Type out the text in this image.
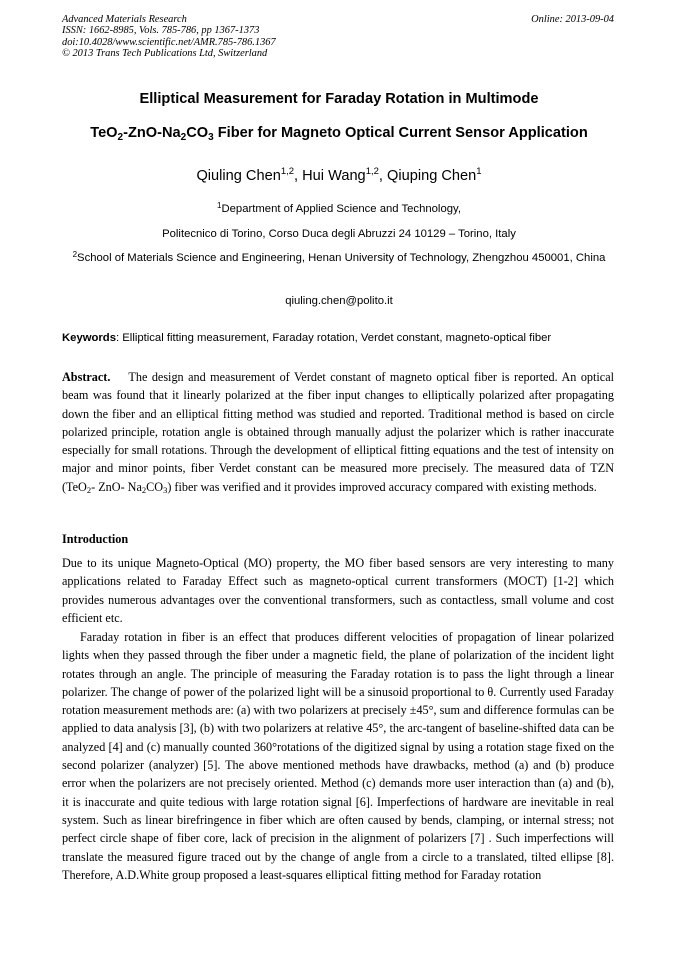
Advanced Materials Research
ISSN: 1662-8985, Vols. 785-786, pp 1367-1373
doi:10.4028/www.scientific.net/AMR.785-786.1367
© 2013 Trans Tech Publications Ltd, Switzerland
Online: 2013-09-04
Elliptical Measurement for Faraday Rotation in Multimode
$TeO_2-ZnO-Na_2CO_3$ Fiber for Magneto Optical Current Sensor Application
Qiuling Chen$^{1,2}$, Hui Wang$^{1,2}$, Qiuping Chen$^1$
$^1$Department of Applied Science and Technology,
Politecnico di Torino, Corso Duca degli Abruzzi 24 10129 – Torino, Italy
$^2$School of Materials Science and Engineering, Henan University of Technology, Zhengzhou 450001, China
qiuling.chen@polito.it
Keywords: Elliptical fitting measurement, Faraday rotation, Verdet constant, magneto-optical fiber
Abstract. The design and measurement of Verdet constant of magneto optical fiber is reported. An optical beam was found that it linearly polarized at the fiber input changes to elliptically polarized after propagating down the fiber and an elliptical fitting method was studied and reported. Traditional method is based on circle polarized principle, rotation angle is obtained through manually adjust the polarizer which is rather inaccurate especially for small rotations. Through the development of elliptical fitting equations and the test of intensity on major and minor points, fiber Verdet constant can be measured more precisely. The measured data of TZN (TeO$_2$- ZnO- $Na_2CO_3$) fiber was verified and it provides improved accuracy compared with existing methods.
Introduction
Due to its unique Magneto-Optical (MO) property, the MO fiber based sensors are very interesting to many applications related to Faraday Effect such as magneto-optical current transformers (MOCT) [1-2] which provides numerous advantages over the conventional transformers, such as contactless, small volume and cost efficient etc.
Faraday rotation in fiber is an effect that produces different velocities of propagation of linear polarized lights when they passed through the fiber under a magnetic field, the plane of polarization of the incident light rotates through an angle. The principle of measuring the Faraday rotation is to pass the light through a linear polarizer. The change of power of the polarized light will be a sinusoid proportional to θ. Currently used Faraday rotation measurement methods are: (a) with two polarizers at precisely ±45°, sum and difference formulas can be applied to data analysis [3], (b) with two polarizers at relative 45°, the arc-tangent of baseline-shifted data can be analyzed [4] and (c) manually counted 360°rotations of the digitized signal by using a rotation stage fixed on the second polarizer (analyzer) [5]. The above mentioned methods have drawbacks, method (a) and (b) produce error when the polarizers are not precisely oriented. Method (c) demands more user interaction than (a) and (b), it is inaccurate and quite tedious with large rotation signal [6]. Imperfections of hardware are inevitable in real system. Such as linear birefringence in fiber which are often caused by bends, clamping, or internal stress; not perfect circle shape of fiber core, lack of precision in the alignment of polarizers [7] . Such imperfections will translate the measured figure traced out by the change of angle from a circle to a translated, tilted ellipse [8]. Therefore, A.D.White group proposed a least-squares elliptical fitting method for Faraday rotation
